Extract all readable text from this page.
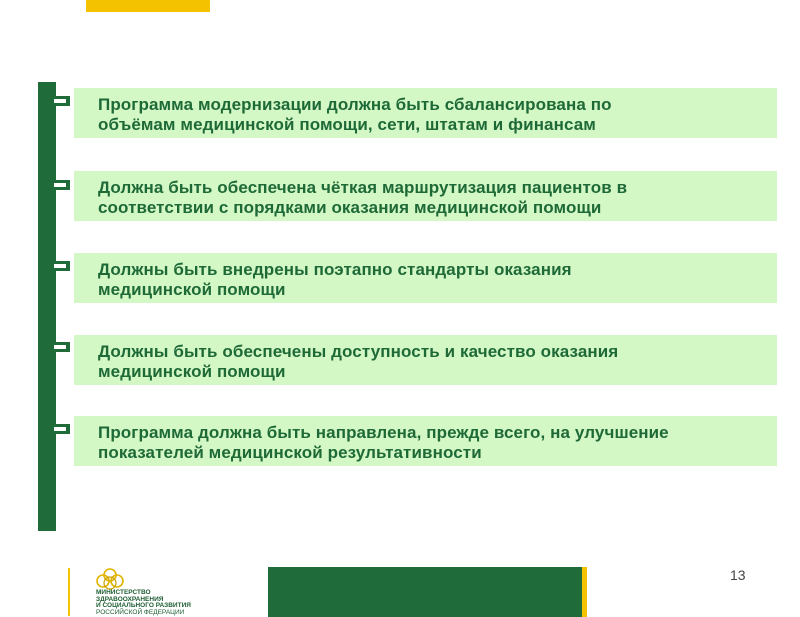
Программа модернизации должна быть сбалансирована по
объёмам медицинской помощи, сети, штатам и финансам
Должна быть обеспечена чёткая маршрутизация пациентов в
соответствии с порядками оказания медицинской помощи
Должны быть внедрены поэтапно стандарты оказания
медицинской помощи
Должны быть обеспечены доступность и качество оказания
медицинской помощи
Программа должна быть направлена, прежде всего, на улучшение
показателей медицинской результативности
МИНИСТЕРСТВО
ЗДРАВООХРАНЕНИЯ
И СОЦИАЛЬНОГО РАЗВИТИЯ
РОССИЙСКОЙ ФЕДЕРАЦИИ
13
